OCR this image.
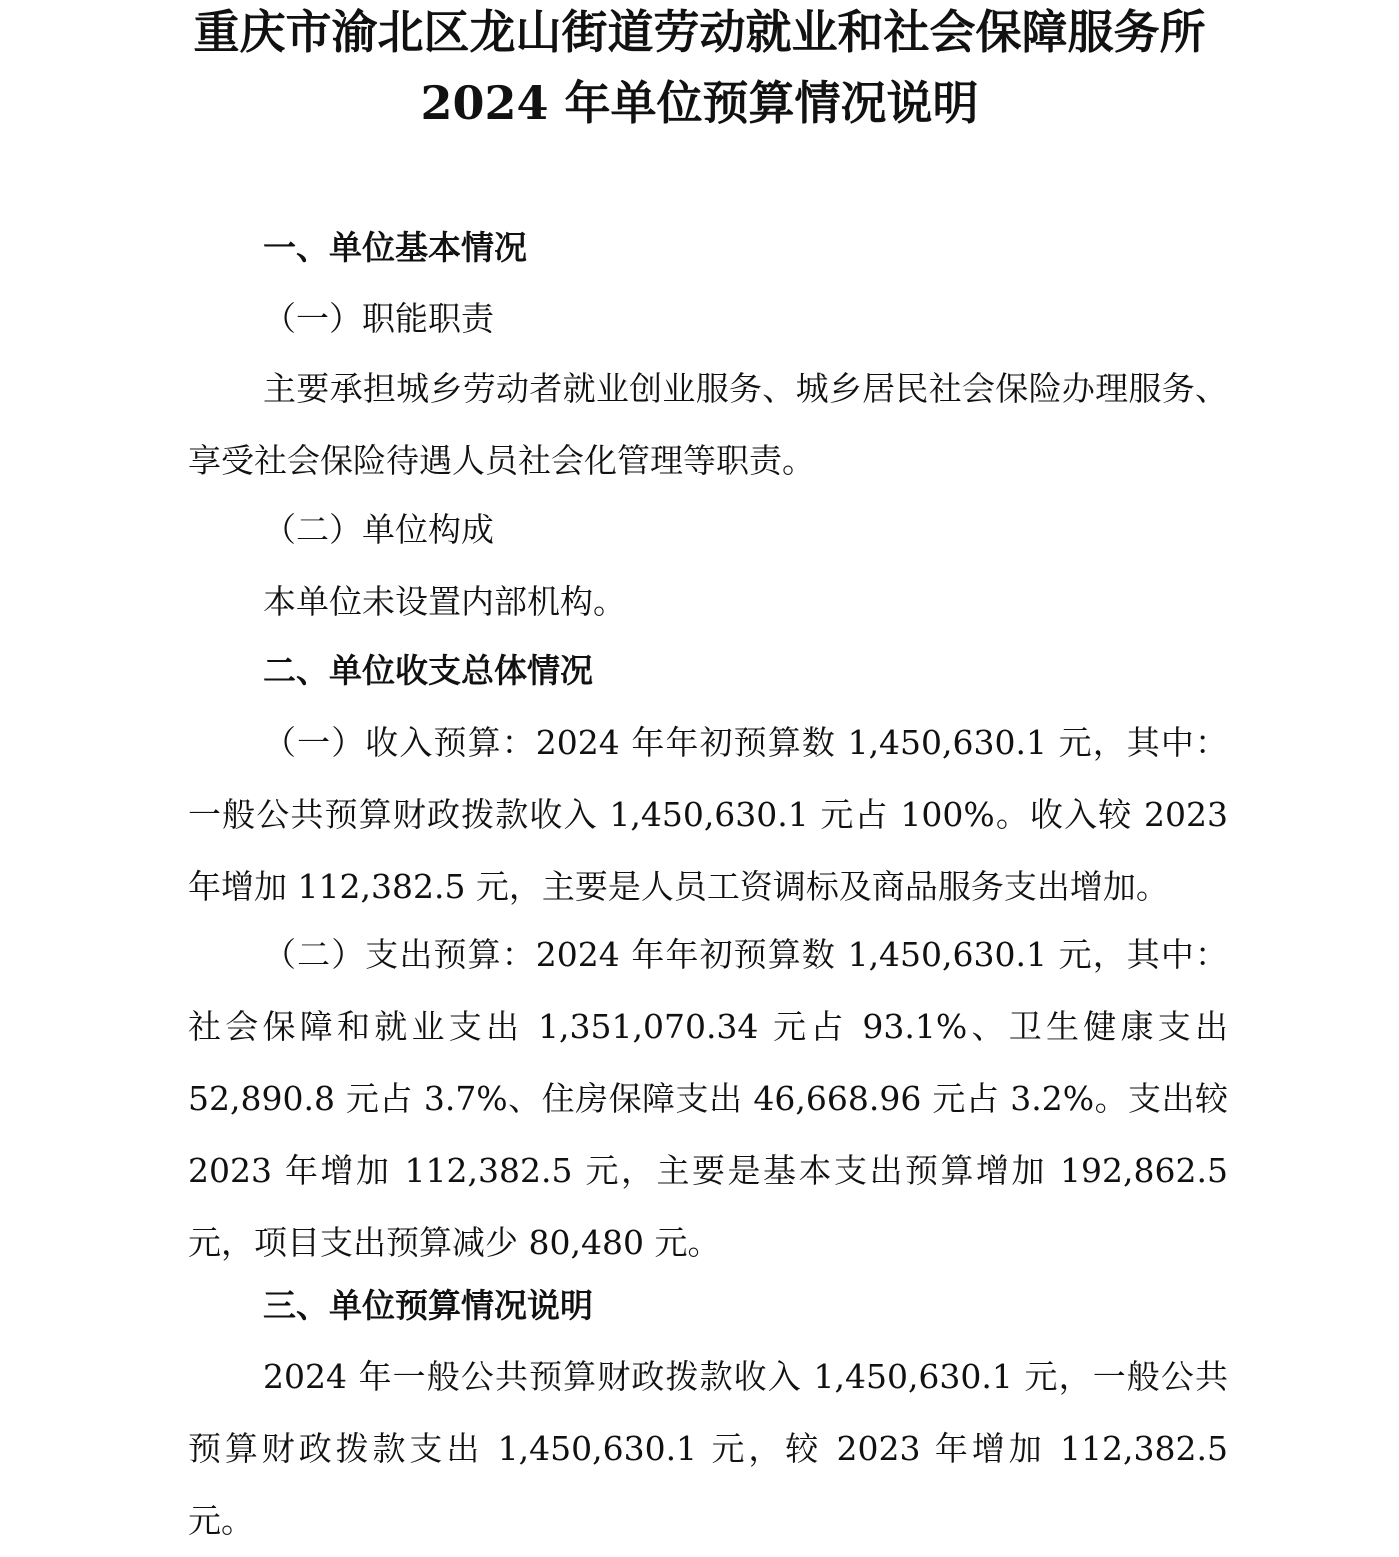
重庆市渝北区龙山街道劳动就业和社会保障服务所
2024 年单位预算情况说明
一、单位基本情况

（一）职能职责

主要承担城乡劳动者就业创业服务、城乡居民社会保险办理服务、享受社会保险待遇人员社会化管理等职责。

（二）单位构成

本单位未设置内部机构。

二、单位收支总体情况

（一）收入预算：2024 年年初预算数 1,450,630.1 元，其中：一般公共预算财政拨款收入 1,450,630.1 元占 100%。收入较 2023 年增加 112,382.5 元，主要是人员工资调标及商品服务支出增加。

（二）支出预算：2024 年年初预算数 1,450,630.1 元，其中：社会保障和就业支出 1,351,070.34 元占 93.1%、卫生健康支出 52,890.8 元占 3.7%、住房保障支出 46,668.96 元占 3.2%。支出较 2023 年增加 112,382.5 元，主要是基本支出预算增加 192,862.5 元，项目支出预算减少 80,480 元。

三、单位预算情况说明

2024 年一般公共预算财政拨款收入 1,450,630.1 元，一般公共预算财政拨款支出 1,450,630.1 元，较 2023 年增加 112,382.5 元。
